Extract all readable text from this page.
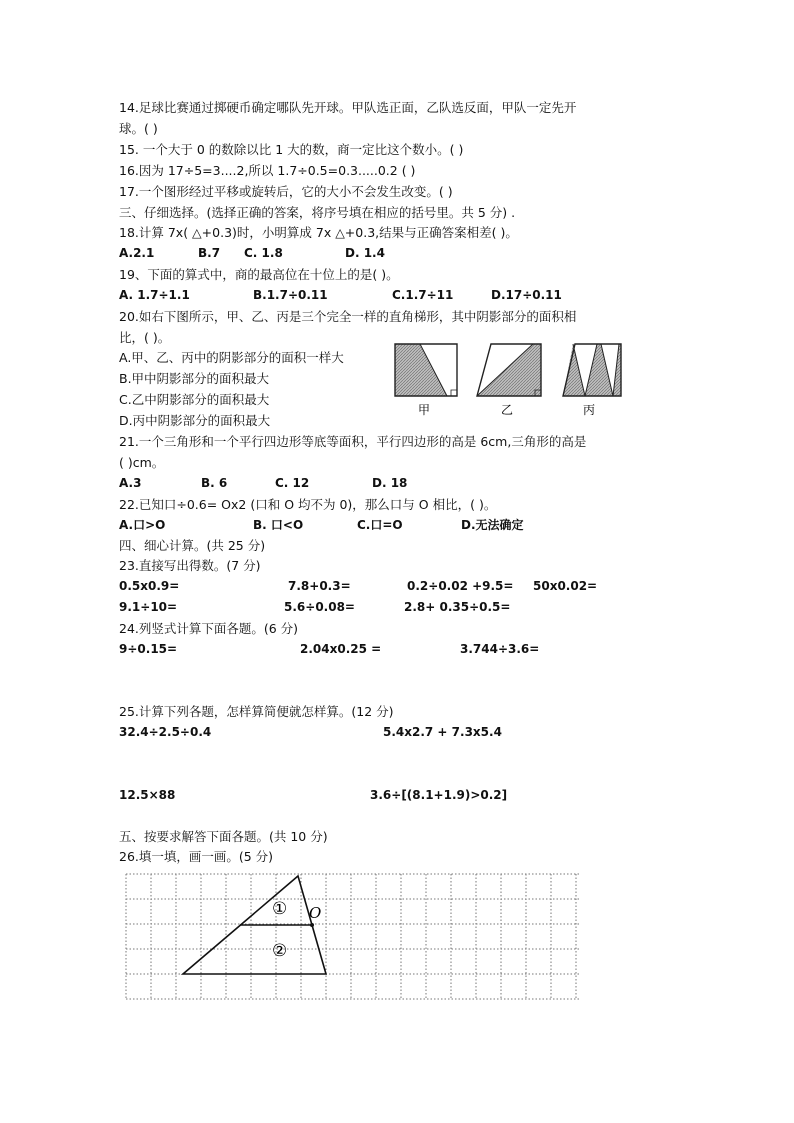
14.足球比赛通过掷硬币确定哪队先开球。甲队选正面，乙队选反面，甲队一定先开
球。( )
15. 一个大于 0 的数除以比 1 大的数，商一定比这个数小。( )
16.因为 17÷5=3....2,所以 1.7÷0.5=0.3.....0.2 ( )
17.一个图形经过平移或旋转后，它的大小不会发生改变。( )
三、仔细选择。(选择正确的答案，将序号填在相应的括号里。共 5 分) .
18.计算 7x( △+0.3)时，小明算成 7x △+0.3,结果与正确答案相差( )。
A.2.1	B.7 C. 1.8	D. 1.4
19、下面的算式中，商的最高位在十位上的是( )。
A. 1.7÷1.1	B.1.7÷0.11	C.1.7÷11	D.17÷0.11
20.如右下图所示，甲、乙、丙是三个完全一样的直角梯形，其中阴影部分的面积相
比，( )。
A.甲、乙、丙中的阴影部分的面积一样大
B.甲中阴影部分的面积最大
C.乙中阴影部分的面积最大
D.丙中阴影部分的面积最大
甲	乙	丙
21.一个三角形和一个平行四边形等底等面积，平行四边形的高是 6cm,三角形的高是
( )cm。
A.3	B. 6	C. 12	D. 18
22.已知口÷0.6= Ox2 (口和 O 均不为 0)，那么口与 O 相比，( )。
A.口>O	B. 口<O	C.口=O	D.无法确定
四、细心计算。(共 25 分)
23.直接写出得数。(7 分)
0.5x0.9=	7.8+0.3=	0.2÷0.02 +9.5= 50x0.02=
9.1÷10=	5.6÷0.08=	2.8+ 0.35÷0.5=
24.列竖式计算下面各题。(6 分)
9÷0.15=	2.04x0.25 =	3.744÷3.6=
25.计算下列各题，怎样算简便就怎样算。(12 分)
32.4÷2.5÷0.4	5.4x2.7 + 7.3x5.4
12.5×88	3.6÷[(8.1+1.9)>0.2]
五、按要求解答下面各题。(共 10 分)
26.填一填，画一画。(5 分)
① O
②
